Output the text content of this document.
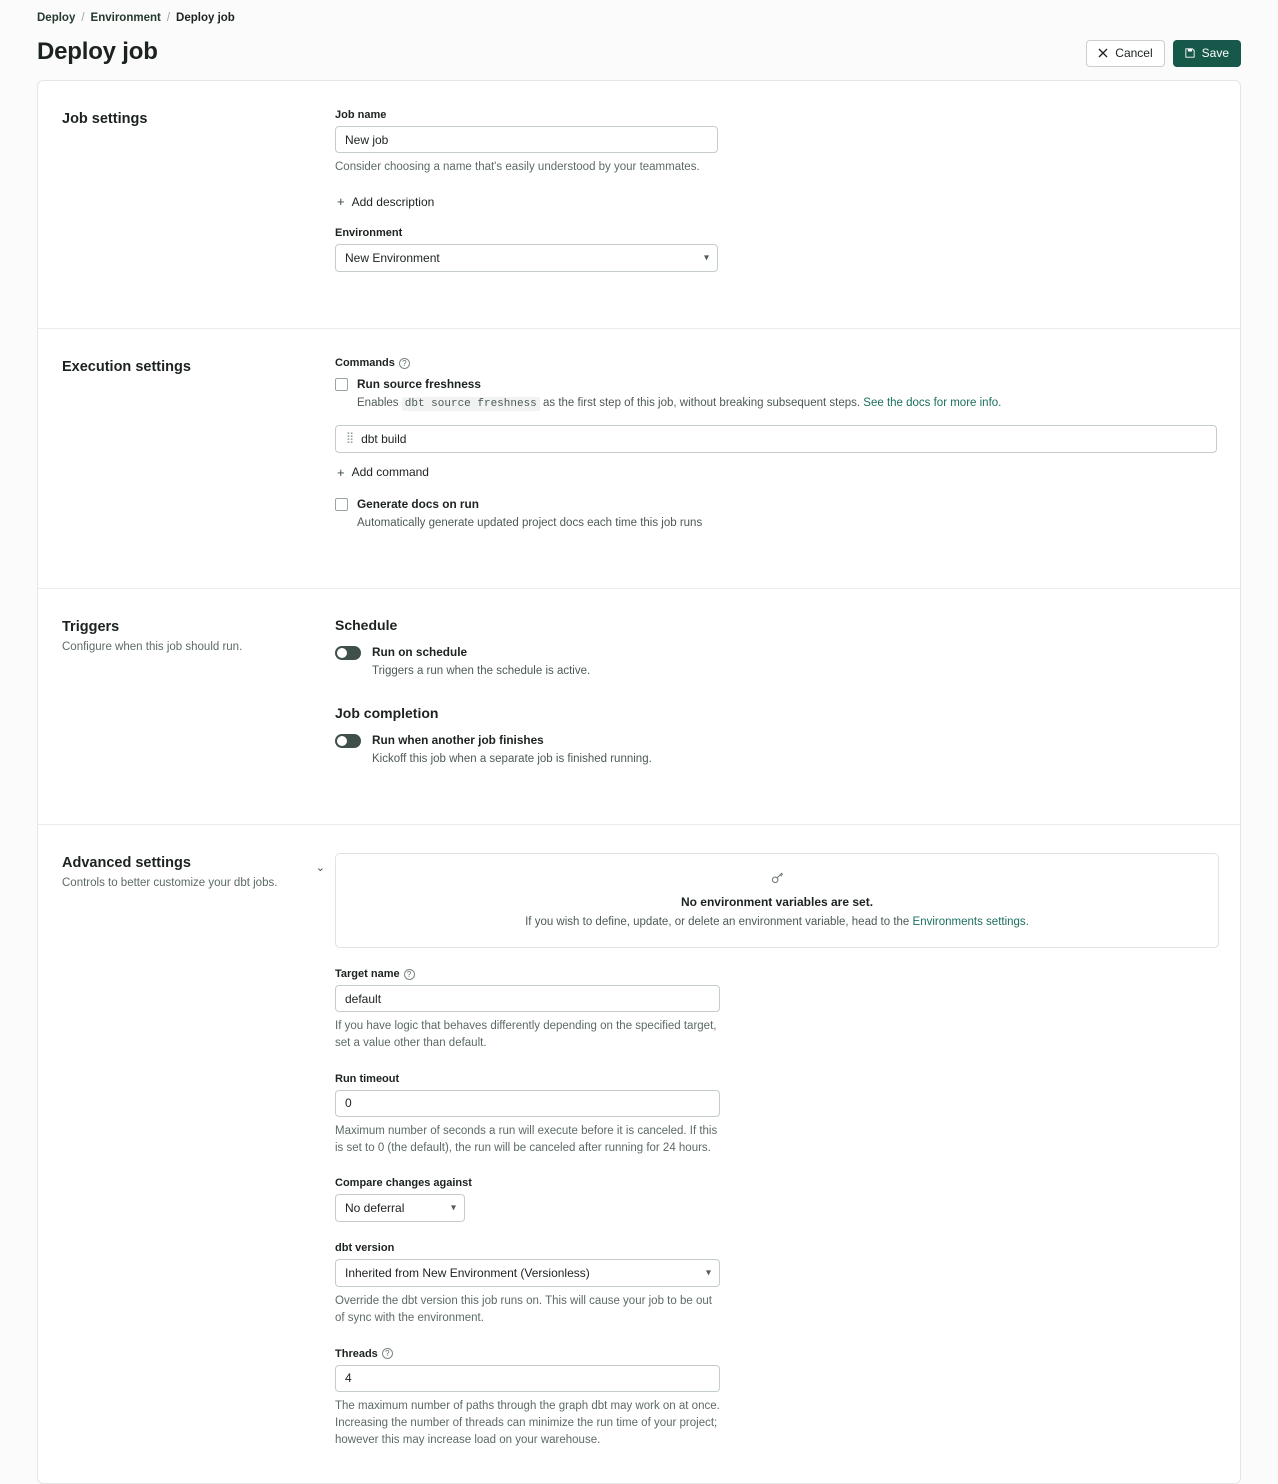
Deploy / Environment / Deploy job
Deploy job	Cancel	Save
Job settings	Job name
New job
Consider choosing a name that's easily understood by your teammates.
+ Add description
Environment
New Environment
▾
Execution settings	Commands ?
Run source freshness
Enables dbt source freshness as the first step of this job, without breaking subsequent steps. See the docs for more info.
⣿ dbt build
+ Add command
Generate docs on run
Automatically generate updated project docs each time this job runs
Triggers

Configure when this job should run.

Schedule
Run on schedule
Triggers a run when the schedule is active.
Job completion
Run when another job finishes
Kickoff this job when a separate job is finished running.
⌄
Advanced settings

Controls to better customize your dbt jobs.

No environment variables are set.
If you wish to define, update, or delete an environment variable, head to the Environments settings.
Target name ?
default
If you have logic that behaves differently depending on the specified target, set a value other than default.
Run timeout
0
Maximum number of seconds a run will execute before it is canceled. If this is set to 0 (the default), the run will be canceled after running for 24 hours.
Compare changes against
No deferral
▾
dbt version
Inherited from New Environment (Versionless)
▾
Override the dbt version this job runs on. This will cause your job to be out of sync with the environment.
Threads ?
4
The maximum number of paths through the graph dbt may work on at once. Increasing the number of threads can minimize the run time of your project; however this may increase load on your warehouse.
